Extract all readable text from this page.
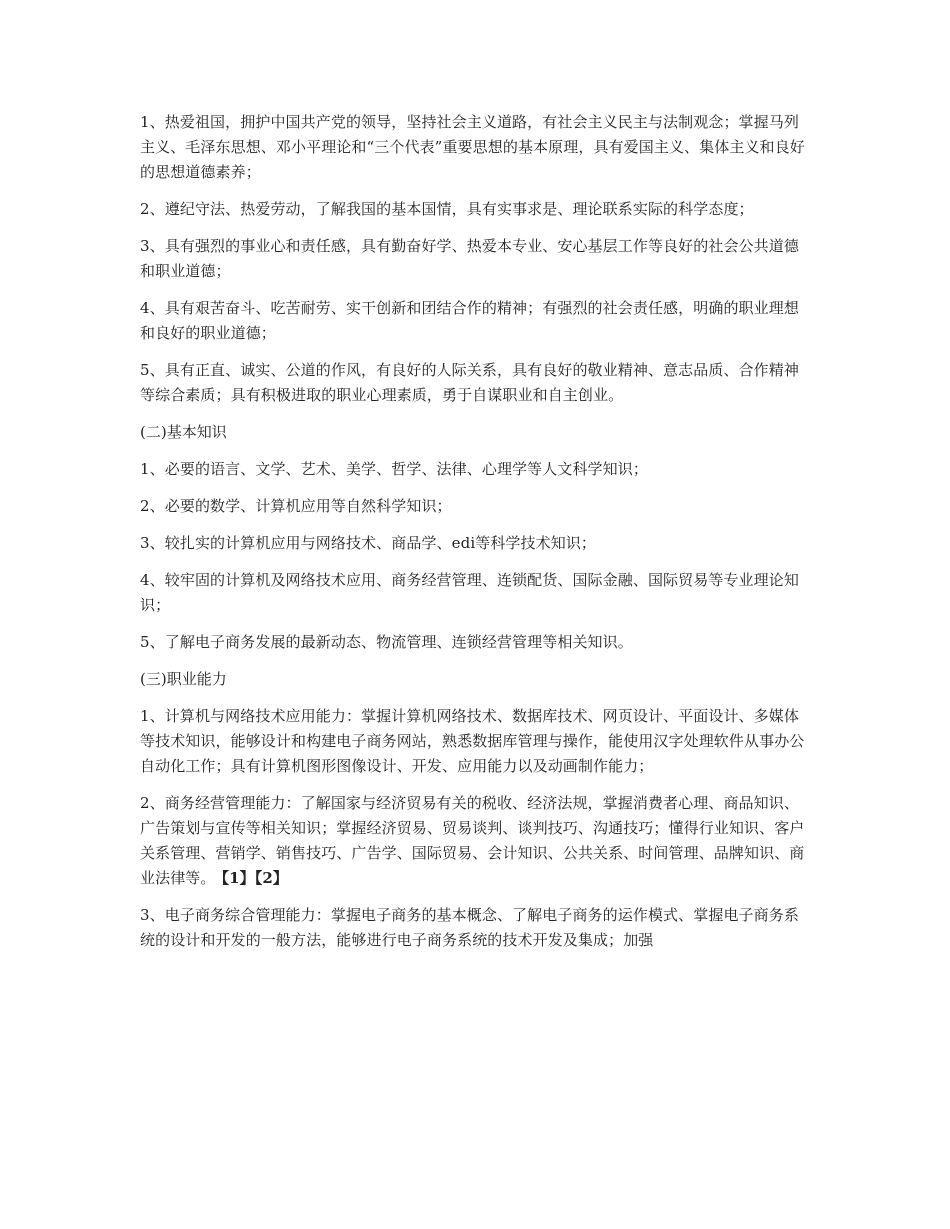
1、热爱祖国，拥护中国共产党的领导，坚持社会主义道路，有社会主义民主与法制观念；掌握马列主义、毛泽东思想、邓小平理论和“三个代表”重要思想的基本原理，具有爱国主义、集体主义和良好的思想道德素养；

2、遵纪守法、热爱劳动，了解我国的基本国情，具有实事求是、理论联系实际的科学态度；

3、具有强烈的事业心和责任感，具有勤奋好学、热爱本专业、安心基层工作等良好的社会公共道德和职业道德；

4、具有艰苦奋斗、吃苦耐劳、实干创新和团结合作的精神；有强烈的社会责任感，明确的职业理想和良好的职业道德；

5、具有正直、诚实、公道的作风，有良好的人际关系，具有良好的敬业精神、意志品质、合作精神等综合素质；具有积极进取的职业心理素质，勇于自谋职业和自主创业。

(二)基本知识

1、必要的语言、文学、艺术、美学、哲学、法律、心理学等人文科学知识；

2、必要的数学、计算机应用等自然科学知识；

3、较扎实的计算机应用与网络技术、商品学、edi等科学技术知识；

4、较牢固的计算机及网络技术应用、商务经营管理、连锁配货、国际金融、国际贸易等专业理论知识；

5、了解电子商务发展的最新动态、物流管理、连锁经营管理等相关知识。

(三)职业能力

1、计算机与网络技术应用能力：掌握计算机网络技术、数据库技术、网页设计、平面设计、多媒体等技术知识，能够设计和构建电子商务网站，熟悉数据库管理与操作，能使用汉字处理软件从事办公自动化工作；具有计算机图形图像设计、开发、应用能力以及动画制作能力；

2、商务经营管理能力：了解国家与经济贸易有关的税收、经济法规，掌握消费者心理、商品知识、广告策划与宣传等相关知识；掌握经济贸易、贸易谈判、谈判技巧、沟通技巧；懂得行业知识、客户关系管理、营销学、销售技巧、广告学、国际贸易、会计知识、公共关系、时间管理、品牌知识、商业法律等。 【1】【2】

3、电子商务综合管理能力：掌握电子商务的基本概念、了解电子商务的运作模式、掌握电子商务系统的设计和开发的一般方法，能够进行电子商务系统的技术开发及集成；加强
